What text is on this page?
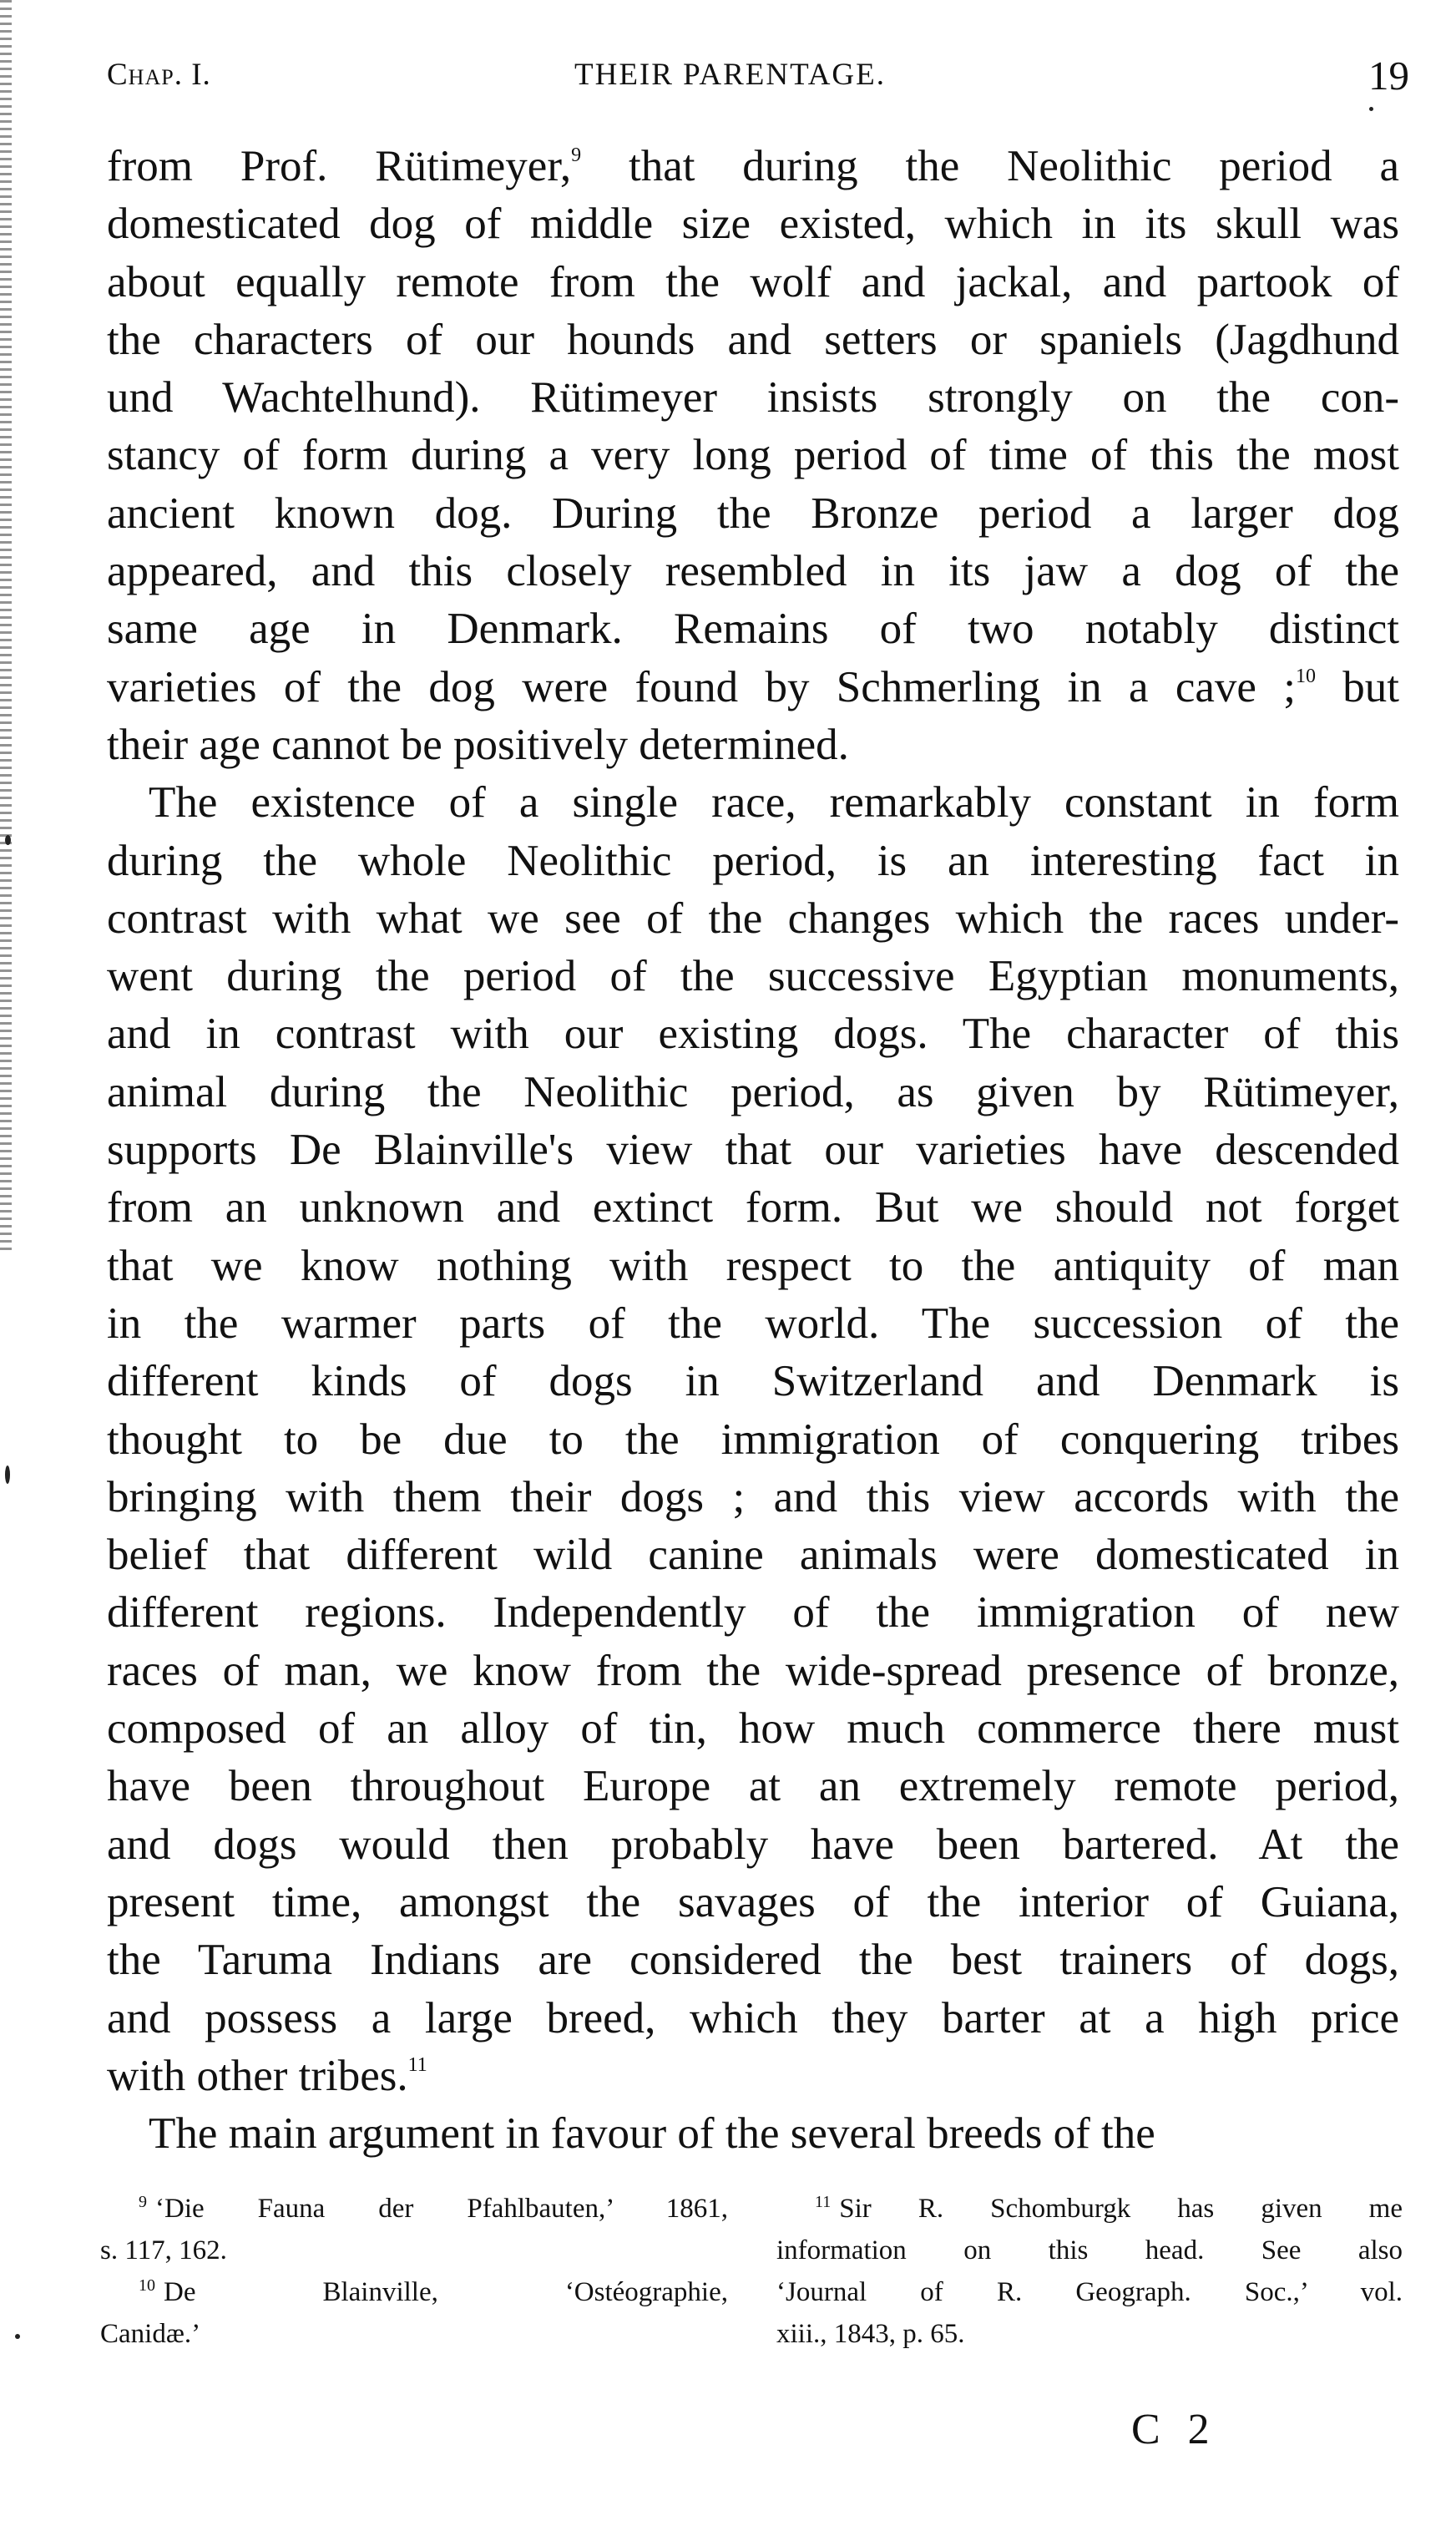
Chap. I.	THEIR PARENTAGE.	19
from Prof. Rütimeyer,$^9$ that during the Neolithic period a
domesticated dog of middle size existed, which in its skull was
about equally remote from the wolf and jackal, and partook of
the characters of our hounds and setters or spaniels (Jagdhund
und Wachtelhund). Rütimeyer insists strongly on the con-
stancy of form during a very long period of time of this the most
ancient known dog. During the Bronze period a larger dog
appeared, and this closely resembled in its jaw a dog of the
same age in Denmark. Remains of two notably distinct
varieties of the dog were found by Schmerling in a cave ;$^{10}$ but
their age cannot be positively determined.
The existence of a single race, remarkably constant in form
during the whole Neolithic period, is an interesting fact in
contrast with what we see of the changes which the races under-
went during the period of the successive Egyptian monuments,
and in contrast with our existing dogs. The character of this
animal during the Neolithic period, as given by Rütimeyer,
supports De Blainville's view that our varieties have descended
from an unknown and extinct form. But we should not forget
that we know nothing with respect to the antiquity of man
in the warmer parts of the world. The succession of the
different kinds of dogs in Switzerland and Denmark is
thought to be due to the immigration of conquering tribes
bringing with them their dogs ; and this view accords with the
belief that different wild canine animals were domesticated in
different regions. Independently of the immigration of new
races of man, we know from the wide-spread presence of bronze,
composed of an alloy of tin, how much commerce there must
have been throughout Europe at an extremely remote period,
and dogs would then probably have been bartered. At the
present time, amongst the savages of the interior of Guiana,
the Taruma Indians are considered the best trainers of dogs,
and possess a large breed, which they barter at a high price
with other tribes.$^{11}$
The main argument in favour of the several breeds of the
$^9$ ‘Die Fauna der Pfahlbauten,’ 1861,
s. 117, 162.
$^{10}$ De Blainville, ‘Ostéographie,
Canidæ.’
$^{11}$ Sir R. Schomburgk has given me
information on this head. See also
‘Journal of R. Geograph. Soc.,’ vol.
xiii., 1843, p. 65.
C 2
